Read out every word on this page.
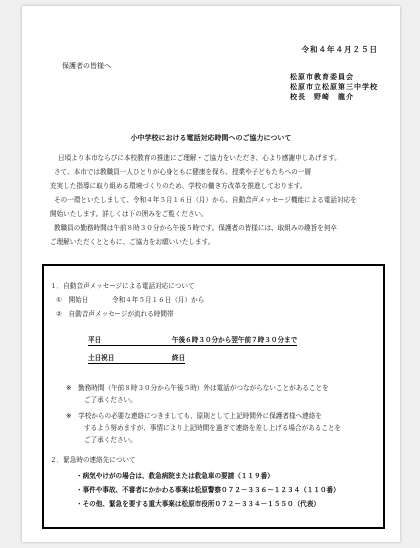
令和４年４月２５日
保護者の皆様へ
松原市教育委員会
松原市立松原第三中学校
校長　野崎　龍介
小中学校における電話対応時間へのご協力について
日頃より本市ならびに本校教育の推進にご理解・ご協力をいただき、心より感謝申しあげます。
さて、本市では教職員一人ひとりが心身ともに健康を保ち、授業や子どもたちへの一層
充実した指導に取り組める環境づくりのため、学校の働き方改革を推進しております。
その一環といたしまして、令和４年５月１６日（月）から、自動音声メッセージ機能による電話対応を
開始いたします。詳しくは下の囲みをご覧ください。
教職員の勤務時間は午前８時３０分から午後５時です。保護者の皆様には、取組みの趣旨を何卒
ご理解いただくとともに、ご協力をお願いいたします。
１．自動音声メッセージによる電話対応について
①　開始日	令和４年５月１６日（月）から
②　自動音声メッセージが流れる時間帯
平日	午後６時３０分から翌午前７時３０分まで
土日祝日	終日
※　勤務時間（午前８時３０分から午後５時）外は電話がつながらないことがあることを
ご了承ください。
※　学校からの必要な連絡につきましても、原則として上記時間外に保護者様へ連絡を
するよう努めますが、事情により上記時間を過ぎて連絡を差し上げる場合があることを
ご了承ください。
２．緊急時の連絡先について
・病気やけがの場合は、救急病院または救急車の要請（１１９番）
・事件や事故、不審者にかかわる事案は松原警察０７２－３３６－１２３４（１１０番）
・その他、緊急を要する重大事案は松原市役所０７２－３３４－１５５０（代表）
